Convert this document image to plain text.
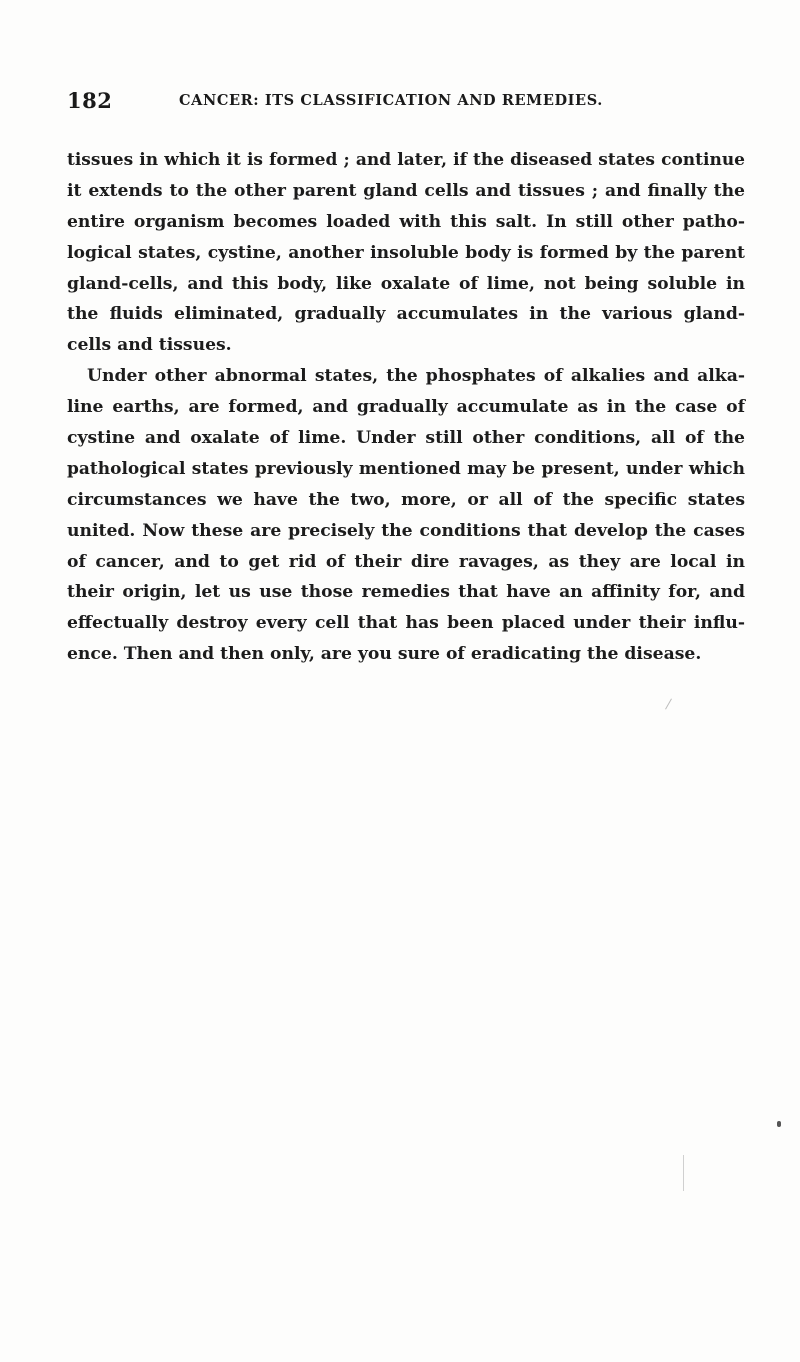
182	CANCER: ITS CLASSIFICATION AND REMEDIES.
tissues in which it is formed ; and later, if the diseased states continue
it extends to the other parent gland cells and tissues ; and finally the
entire organism becomes loaded with this salt. In still other patho-
logical states, cystine, another insoluble body is formed by the parent
gland-cells, and this body, like oxalate of lime, not being soluble in
the fluids eliminated, gradually accumulates in the various gland-
cells and tissues.
Under other abnormal states, the phosphates of alkalies and alka-
line earths, are formed, and gradually accumulate as in the case of
cystine and oxalate of lime. Under still other conditions, all of the
pathological states previously mentioned may be present, under which
circumstances we have the two, more, or all of the specific states
united. Now these are precisely the conditions that develop the cases
of cancer, and to get rid of their dire ravages, as they are local in
their origin, let us use those remedies that have an affinity for, and
effectually destroy every cell that has been placed under their influ-
ence. Then and then only, are you sure of eradicating the disease.
